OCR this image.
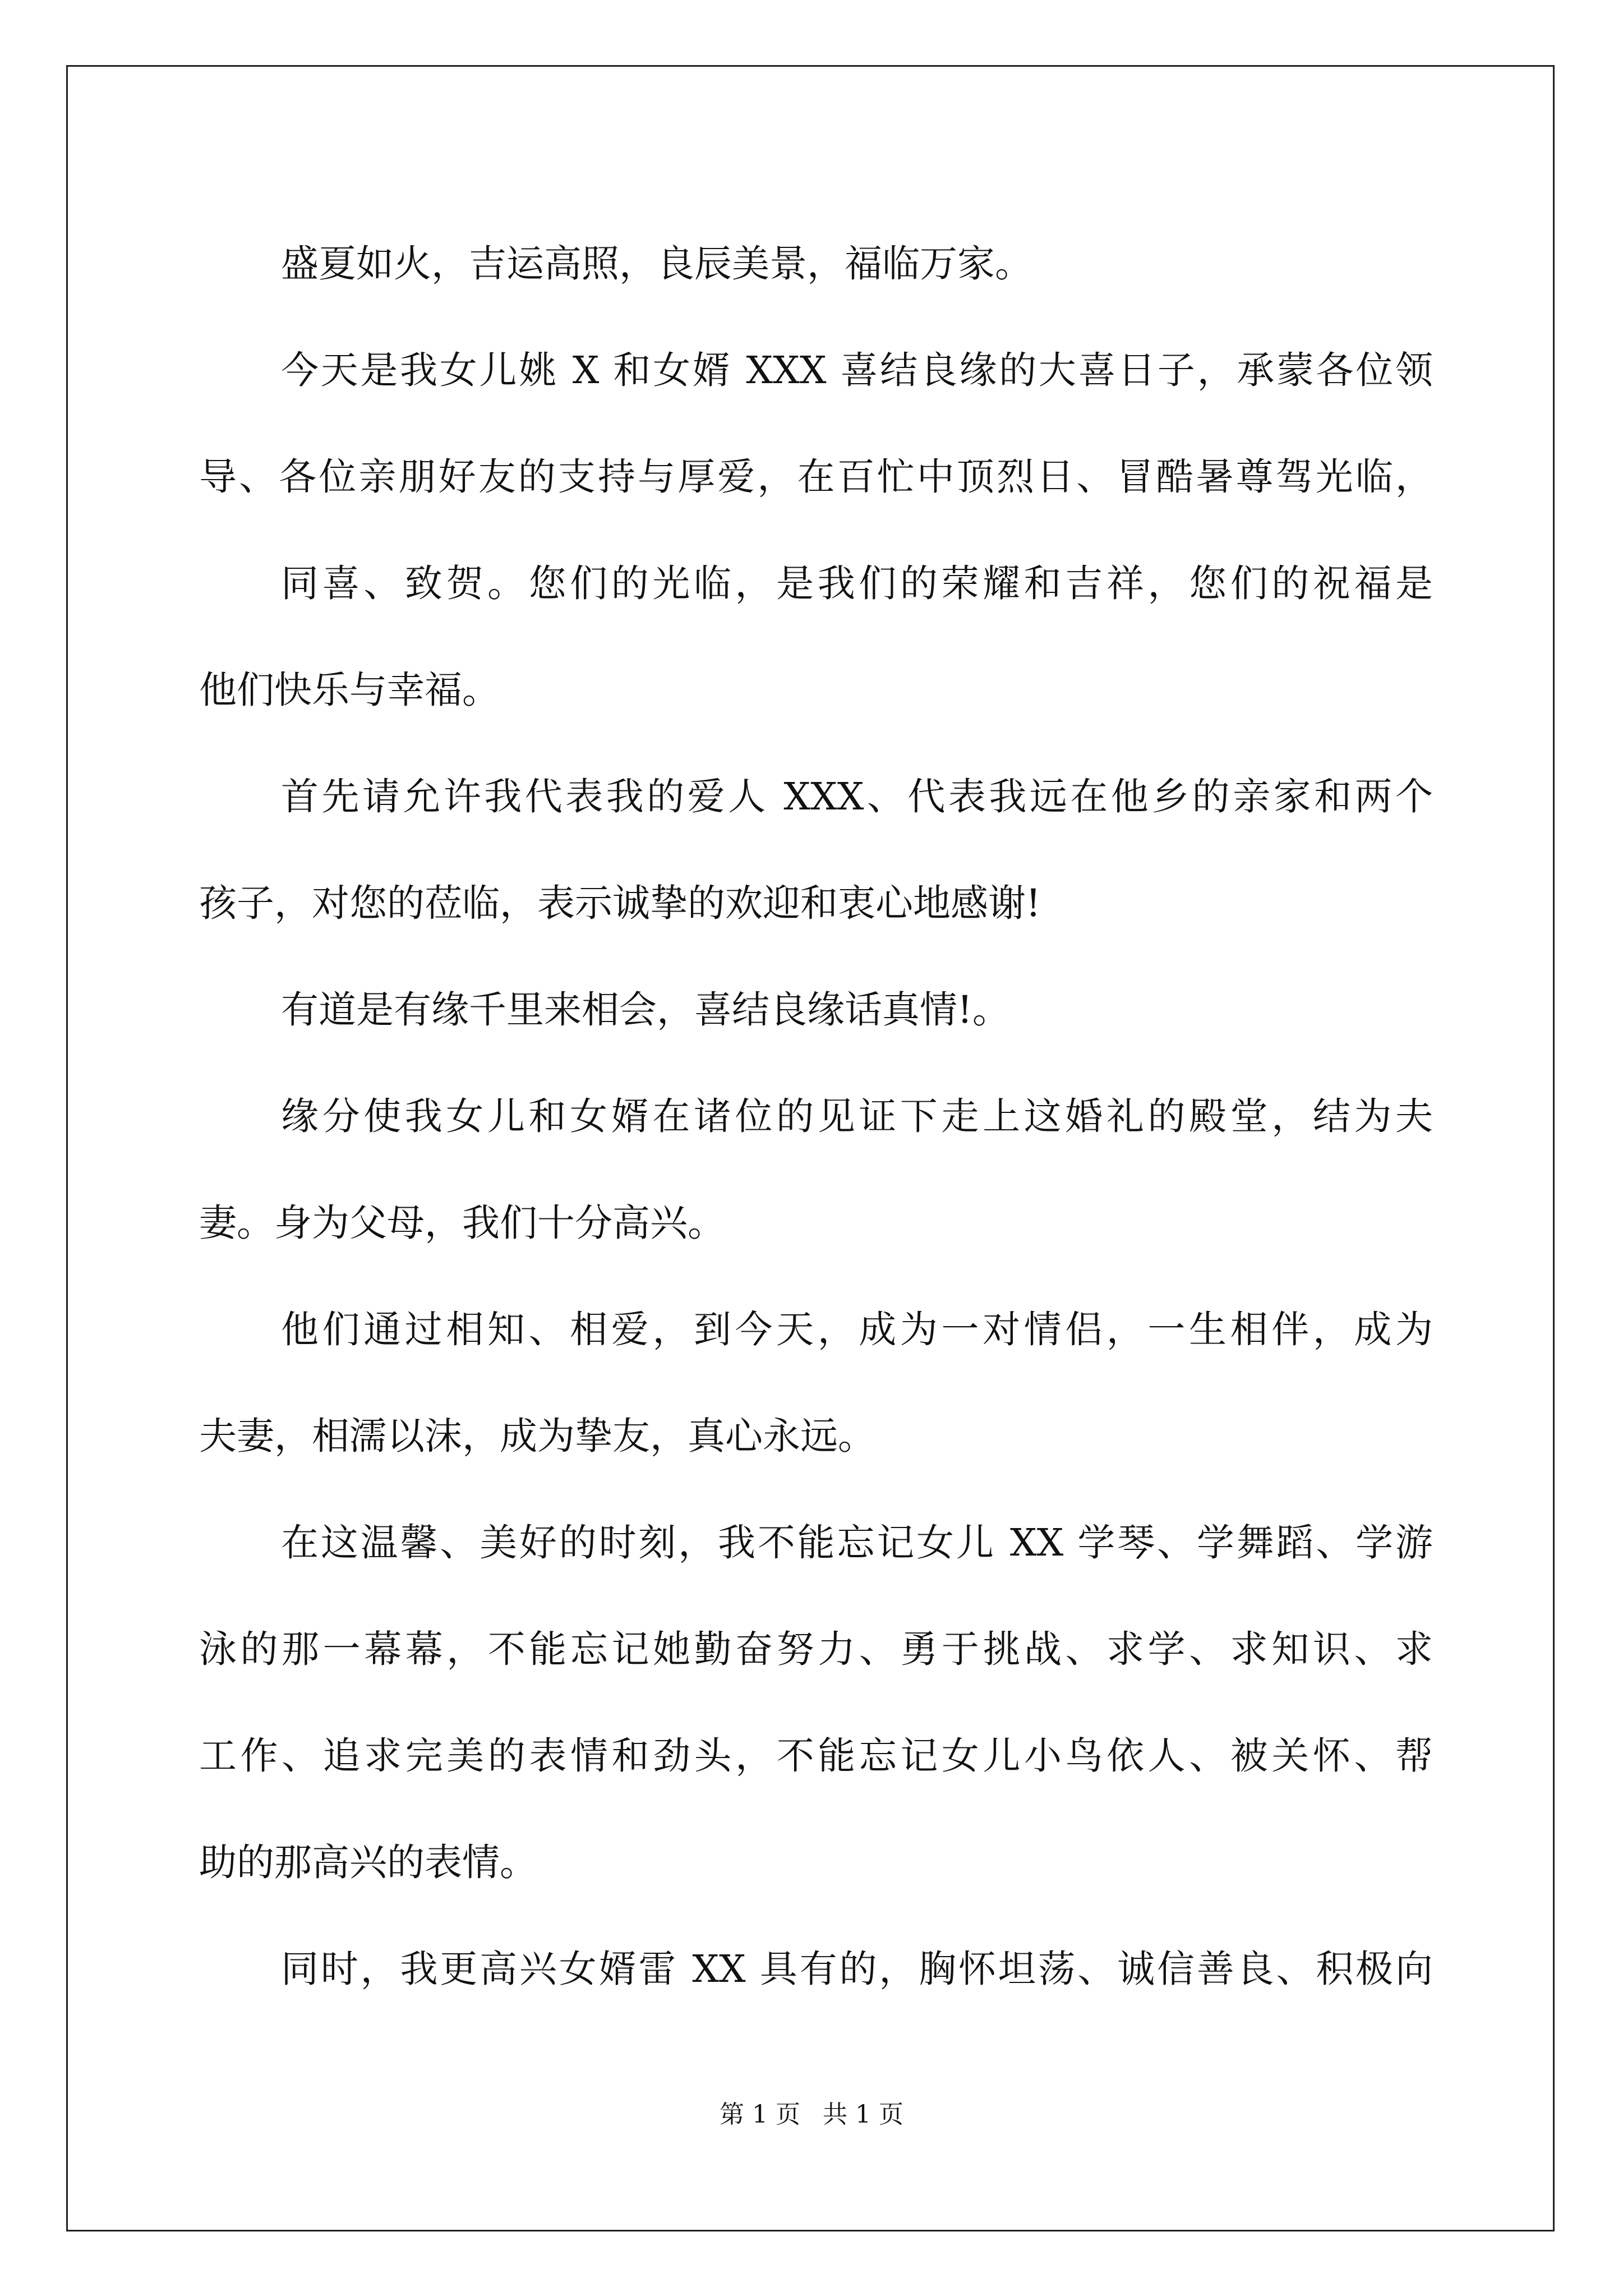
盛夏如火，吉运高照，良辰美景，福临万家。
今天是我女儿姚 X 和女婿 XXX 喜结良缘的大喜日子，承蒙各位领
导、各位亲朋好友的支持与厚爱，在百忙中顶烈日、冒酷暑尊驾光临，
同喜、致贺。您们的光临，是我们的荣耀和吉祥，您们的祝福是
他们快乐与幸福。
首先请允许我代表我的爱人 XXX、代表我远在他乡的亲家和两个
孩子，对您的莅临，表示诚挚的欢迎和衷心地感谢!
有道是有缘千里来相会，喜结良缘话真情!。
缘分使我女儿和女婿在诸位的见证下走上这婚礼的殿堂，结为夫
妻。身为父母，我们十分高兴。
他们通过相知、相爱，到今天，成为一对情侣，一生相伴，成为
夫妻，相濡以沫，成为挚友，真心永远。
在这温馨、美好的时刻，我不能忘记女儿 XX 学琴、学舞蹈、学游
泳的那一幕幕，不能忘记她勤奋努力、勇于挑战、求学、求知识、求
工作、追求完美的表情和劲头，不能忘记女儿小鸟依人、被关怀、帮
助的那高兴的表情。
同时，我更高兴女婿雷 XX 具有的，胸怀坦荡、诚信善良、积极向
第 1 页 共 1 页
